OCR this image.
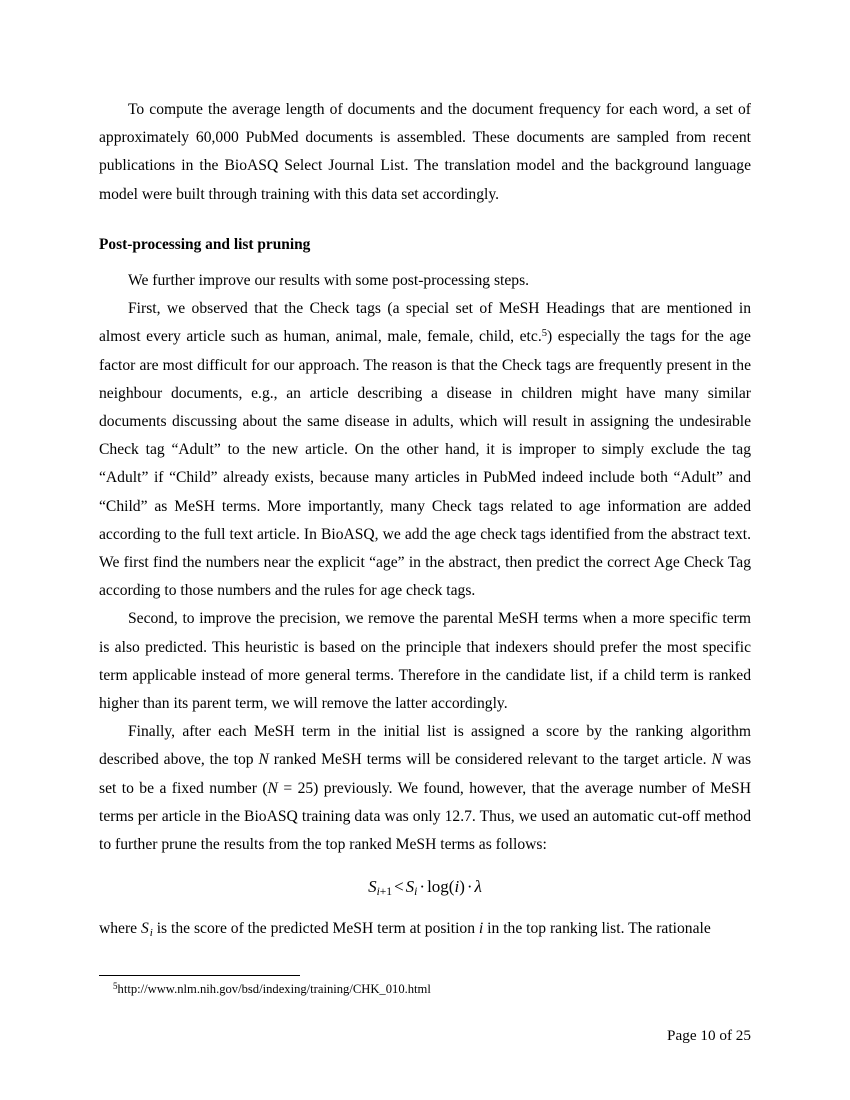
To compute the average length of documents and the document frequency for each word, a set of approximately 60,000 PubMed documents is assembled. These documents are sampled from recent publications in the BioASQ Select Journal List. The translation model and the background language model were built through training with this data set accordingly.

Post-processing and list pruning

We further improve our results with some post-processing steps.

First, we observed that the Check tags (a special set of MeSH Headings that are mentioned in almost every article such as human, animal, male, female, child, etc.$^5$) especially the tags for the age factor are most difficult for our approach. The reason is that the Check tags are frequently present in the neighbour documents, e.g., an article describing a disease in children might have many similar documents discussing about the same disease in adults, which will result in assigning the undesirable Check tag “Adult” to the new article. On the other hand, it is improper to simply exclude the tag “Adult” if “Child” already exists, because many articles in PubMed indeed include both “Adult” and “Child” as MeSH terms. More importantly, many Check tags related to age information are added according to the full text article. In BioASQ, we add the age check tags identified from the abstract text. We first find the numbers near the explicit “age” in the abstract, then predict the correct Age Check Tag according to those numbers and the rules for age check tags.

Second, to improve the precision, we remove the parental MeSH terms when a more specific term is also predicted. This heuristic is based on the principle that indexers should prefer the most specific term applicable instead of more general terms. Therefore in the candidate list, if a child term is ranked higher than its parent term, we will remove the latter accordingly.

Finally, after each MeSH term in the initial list is assigned a score by the ranking algorithm described above, the top N ranked MeSH terms will be considered relevant to the target article. N was set to be a fixed number (N = 25) previously. We found, however, that the average number of MeSH terms per article in the BioASQ training data was only 12.7. Thus, we used an automatic cut-off method to further prune the results from the top ranked MeSH terms as follows:

$S_{i+1} < S_i \cdot \log(i) \cdot \lambda$

where Si is the score of the predicted MeSH term at position i in the top ranking list. The rationale

$^5$http://www.nlm.nih.gov/bsd/indexing/training/CHK_010.html

Page 10 of 25
